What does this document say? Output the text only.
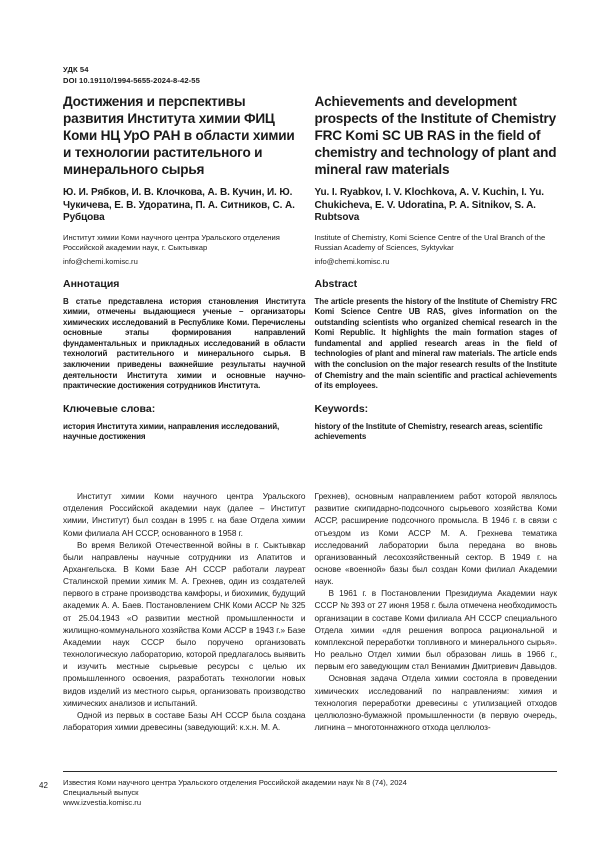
УДК 54
DOI 10.19110/1994-5655-2024-8-42-55
Достижения и перспективы развития Института химии ФИЦ Коми НЦ УрО РАН в области химии и технологии растительного и минерального сырья
Ю. И. Рябков, И. В. Клочкова, А. В. Кучин, И. Ю. Чукичева, Е. В. Удоратина, П. А. Ситников, С. А. Рубцова
Институт химии Коми научного центра Уральского отделения Российской академии наук, г. Сыктывкар
info@chemi.komisc.ru
Аннотация

В статье представлена история становления Института химии, отмечены выдающиеся ученые – организаторы химических исследований в Республике Коми. Перечислены основные этапы формирования направлений фундаментальных и прикладных исследований в области технологий растительного и минерального сырья. В заключении приведены важнейшие результаты научной деятельности Института химии и основные научно-практические достижения сотрудников Института.

Ключевые слова:

история Института химии, направления исследований, научные достижения

Achievements and development prospects of the Institute of Chemistry FRC Komi SC UB RAS in the field of chemistry and technology of plant and mineral raw materials
Yu. I. Ryabkov, I. V. Klochkova, A. V. Kuchin, I. Yu. Chukicheva, E. V. Udoratina, P. A. Sitnikov, S. A. Rubtsova
Institute of Chemistry, Komi Science Centre of the Ural Branch of the Russian Academy of Sciences, Syktyvkar
info@chemi.komisc.ru
Abstract

The article presents the history of the Institute of Chemistry FRC Komi Science Centre UB RAS, gives information on the outstanding scientists who organized chemical research in the Komi Republic. It highlights the main formation stages of fundamental and applied research areas in the field of technologies of plant and mineral raw materials. The article ends with the conclusion on the major research results of the Institute of Chemistry and the main scientific and practical achievements of its employees.

Keywords:

history of the Institute of Chemistry, research areas, scientific achievements

Институт химии Коми научного центра Уральского отделения Российской академии наук (далее – Институт химии, Институт) был создан в 1995 г. на базе Отдела химии Коми филиала АН СССР, основанного в 1958 г.

Во время Великой Отечественной войны в г. Сыктывкар были направлены научные сотрудники из Апатитов и Архангельска. В Коми Базе АН СССР работали лауреат Сталинской премии химик М. А. Грехнев, один из создателей первого в стране производства камфоры, и биохимик, будущий академик А. А. Баев. Постановлением СНК Коми АССР № 325 от 25.04.1943 «О развитии местной промышленности и жилищно-коммунального хозяйства Коми АССР в 1943 г.» Базе Академии наук СССР было поручено организовать технологическую лабораторию, которой предлагалось выявить и изучить местные сырьевые ресурсы с целью их промышленного освоения, разработать технологии новых видов изделий из местного сырья, организовать производство химических анализов и испытаний.

Одной из первых в составе Базы АН СССР была создана лаборатория химии древесины (заведующий: к.х.н. М. А.

Грехнев), основным направлением работ которой являлось развитие скипидарно-подсочного сырьевого хозяйства Коми АССР, расширение подсочного промысла. В 1946 г. в связи с отъездом из Коми АССР М. А. Грехнева тематика исследований лаборатории была передана во вновь организованный лесохозяйственный сектор. В 1949 г. на основе «военной» базы был создан Коми филиал Академии наук.

В 1961 г. в Постановлении Президиума Академии наук СССР № 393 от 27 июня 1958 г. была отмечена необходимость организации в составе Коми филиала АН СССР специального Отдела химии «для решения вопроса рациональной и комплексной переработки топливного и минерального сырья». Но реально Отдел химии был образован лишь в 1966 г., первым его заведующим стал Вениамин Дмитриевич Давыдов.

Основная задача Отдела химии состояла в проведении химических исследований по направлениям: химия и технология переработки древесины с утилизацией отходов целлюлозно-бумажной промышленности (в первую очередь, лигнина – многотоннажного отхода целлюлоз-

42 Известия Коми научного центра Уральского отделения Российской академии наук № 8 (74), 2024
Специальный выпуск
www.izvestia.komisc.ru
